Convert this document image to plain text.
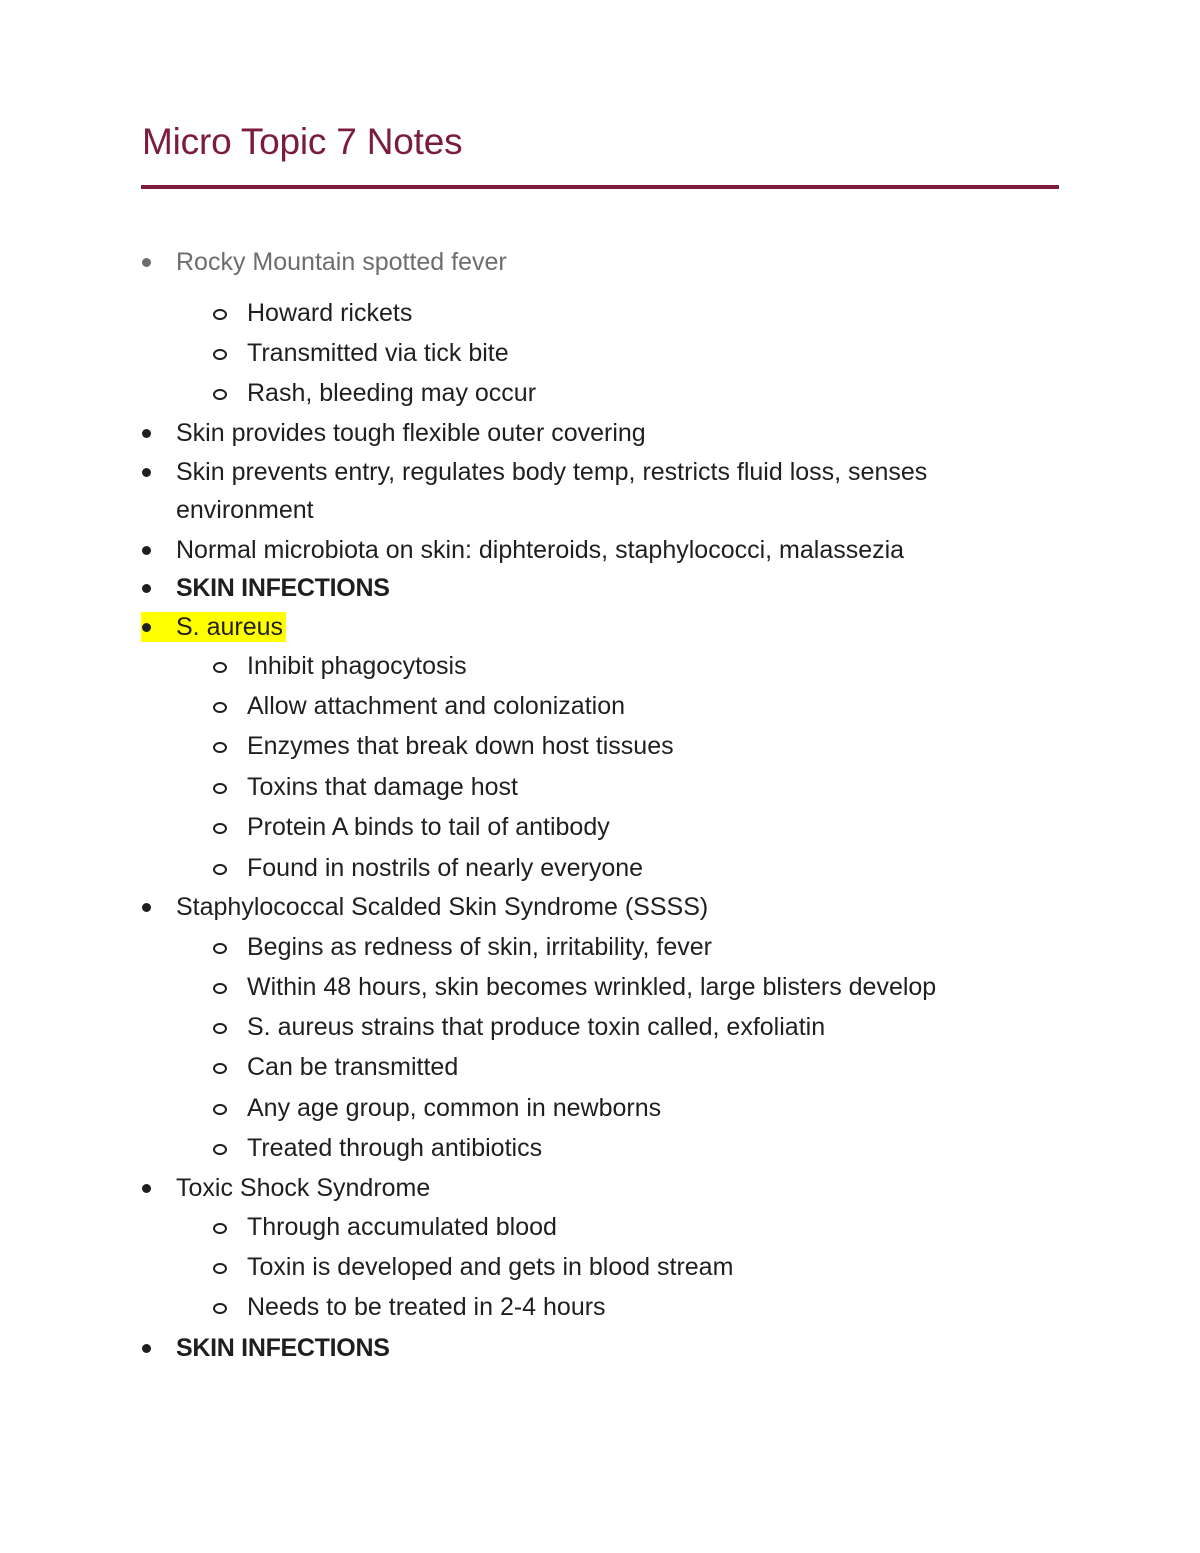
Micro Topic 7 Notes
Rocky Mountain spotted fever
Howard rickets
Transmitted via tick bite
Rash, bleeding may occur
Skin provides tough flexible outer covering
Skin prevents entry, regulates body temp, restricts fluid loss, senses
environment
Normal microbiota on skin: diphteroids, staphylococci, malassezia
SKIN INFECTIONS
S. aureus
Inhibit phagocytosis
Allow attachment and colonization
Enzymes that break down host tissues
Toxins that damage host
Protein A binds to tail of antibody
Found in nostrils of nearly everyone
Staphylococcal Scalded Skin Syndrome (SSSS)
Begins as redness of skin, irritability, fever
Within 48 hours, skin becomes wrinkled, large blisters develop
S. aureus strains that produce toxin called, exfoliatin
Can be transmitted
Any age group, common in newborns
Treated through antibiotics
Toxic Shock Syndrome
Through accumulated blood
Toxin is developed and gets in blood stream
Needs to be treated in 2-4 hours
SKIN INFECTIONS
